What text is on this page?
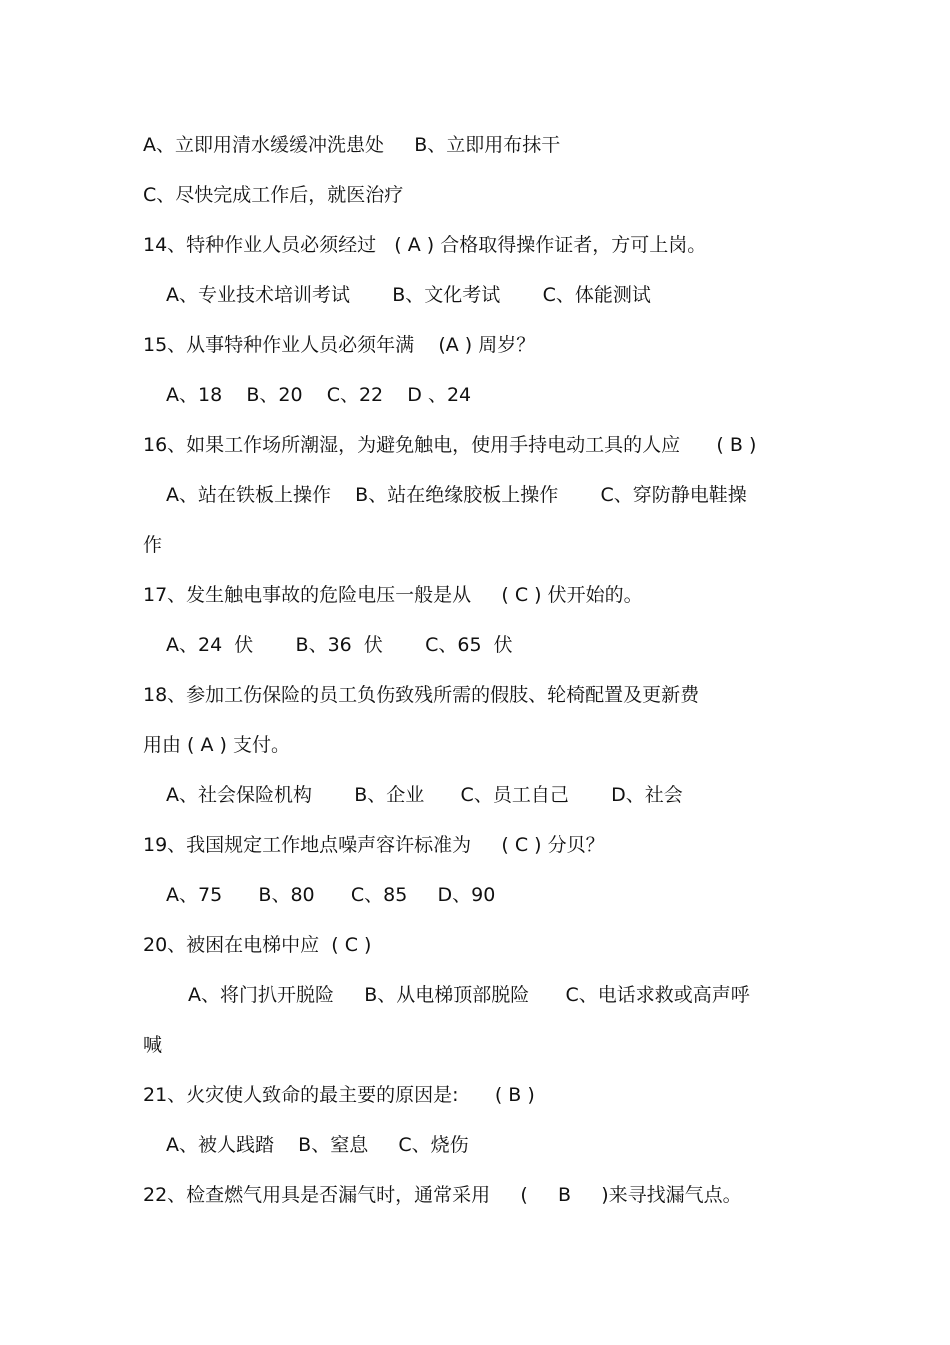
A、立即用清水缓缓冲洗患处     B、立即用布抹干
C、尽快完成工作后，就医治疗
14、特种作业人员必须经过   ( A ) 合格取得操作证者，方可上岗。
A、专业技术培训考试       B、文化考试       C、体能测试
15、从事特种作业人员必须年满    (A ) 周岁？
A、18    B、20    C、22    D 、24
16、如果工作场所潮湿，为避免触电，使用手持电动工具的人应      ( B )
A、站在铁板上操作    B、站在绝缘胶板上操作       C、穿防静电鞋操
作
17、发生触电事故的危险电压一般是从     ( C ) 伏开始的。
A、24  伏       B、36  伏       C、65  伏
18、参加工伤保险的员工负伤致残所需的假肢、轮椅配置及更新费
用由 ( A ) 支付。
A、社会保险机构       B、企业      C、员工自己       D、社会
19、我国规定工作地点噪声容许标准为     ( C ) 分贝？
A、75      B、80      C、85     D、90
20、被困在电梯中应  ( C )
A、将门扒开脱险     B、从电梯顶部脱险      C、电话求救或高声呼
喊
21、火灾使人致命的最主要的原因是:      ( B )
A、被人践踏    B、窒息     C、烧伤
22、检查燃气用具是否漏气时，通常采用     (     B     )来寻找漏气点。
